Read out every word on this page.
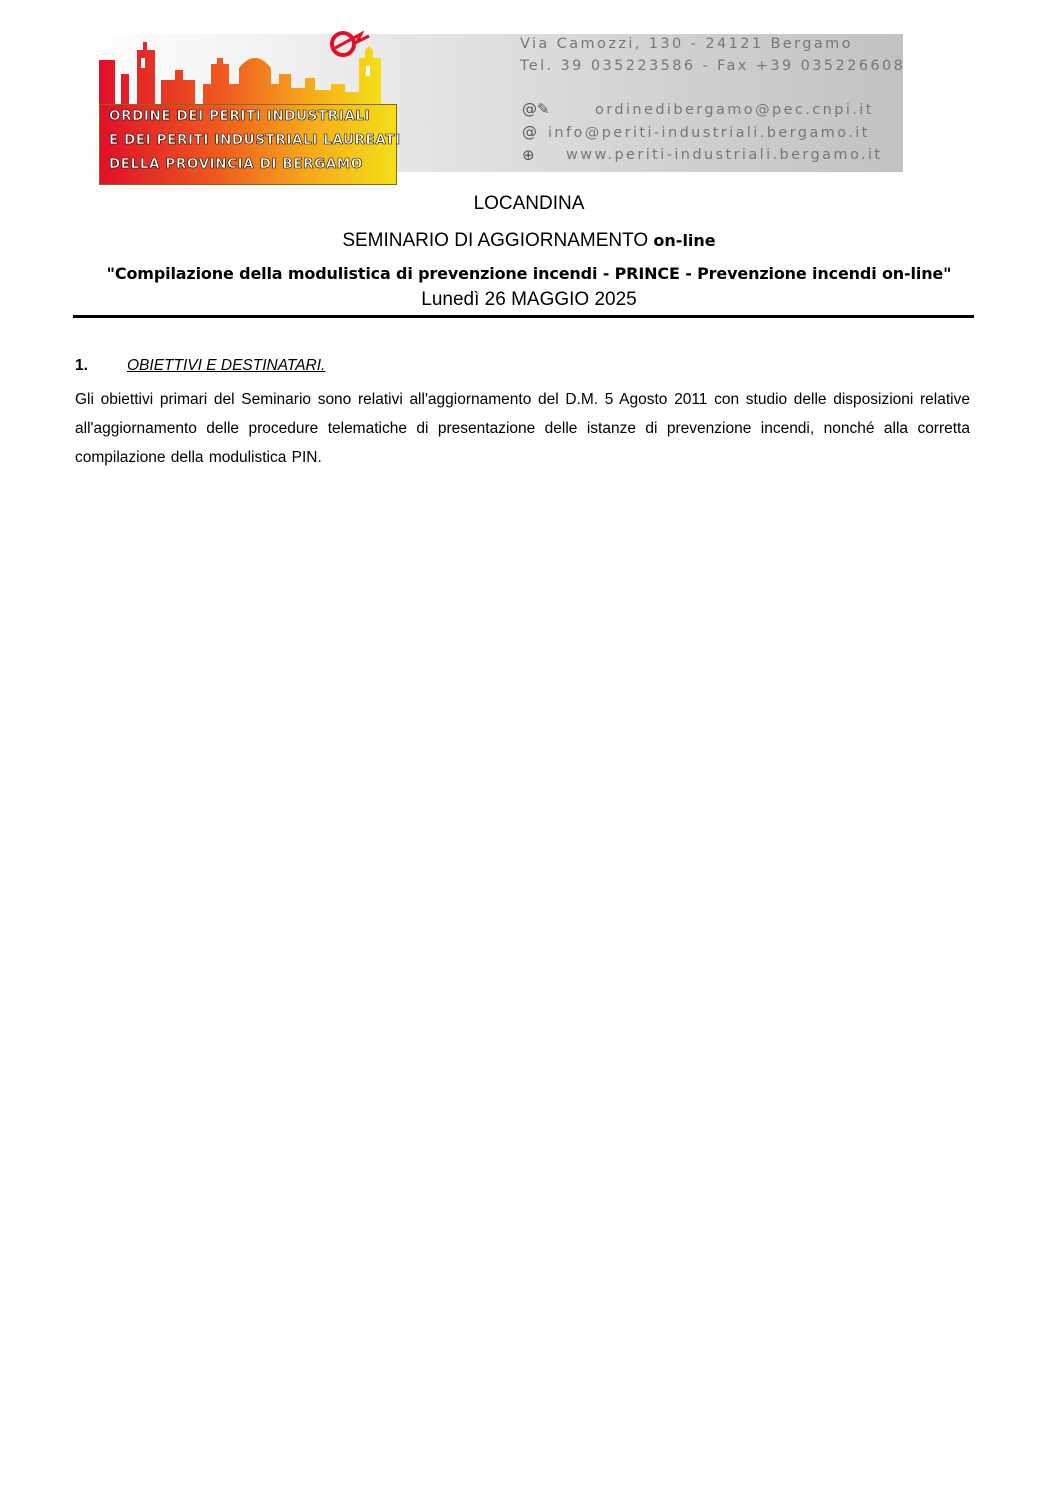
ORDINE DEI PERITI INDUSTRIALI
E DEI PERITI INDUSTRIALI LAUREATI
DELLA PROVINCIA DI BERGAMO
Via Camozzi, 130 - 24121 Bergamo
Tel. 39 035223586 - Fax +39 035226608
@✎	ordinedibergamo@pec.cnpi.it
@ info@periti-industriali.bergamo.it
⊕ www.periti-industriali.bergamo.it
LOCANDINA
SEMINARIO DI AGGIORNAMENTO on-line
"Compilazione della modulistica di prevenzione incendi - PRINCE - Prevenzione incendi on-line"
Lunedì 26 MAGGIO 2025
1.	OBIETTIVI E DESTINATARI.
Gli obiettivi primari del Seminario sono relativi all'aggiornamento del D.M. 5 Agosto 2011 con studio delle disposizioni relative all'aggiornamento delle procedure telematiche di presentazione delle istanze di prevenzione incendi, nonché alla corretta compilazione della modulistica PIN.
